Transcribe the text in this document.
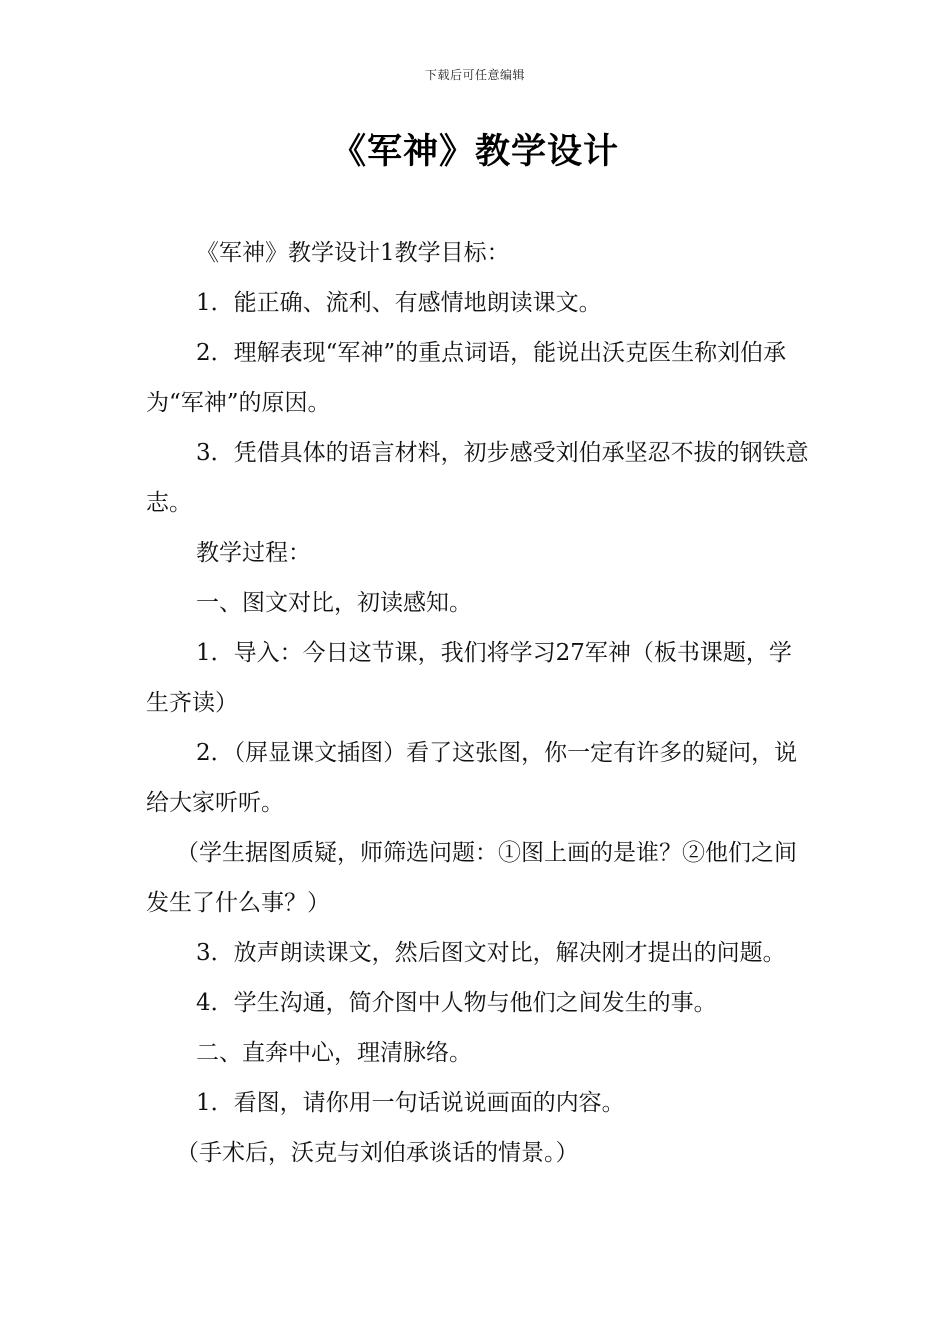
下载后可任意编辑
《军神》教学设计

《军神》教学设计1教学目标：

1．能正确、流利、有感情地朗读课文。

2．理解表现“军神”的重点词语，能说出沃克医生称刘伯承为“军神”的原因。

3．凭借具体的语言材料，初步感受刘伯承坚忍不拔的钢铁意志。

教学过程：

一、图文对比，初读感知。

1．导入：今日这节课，我们将学习27军神（板书课题，学生齐读）

2．（屏显课文插图）看了这张图，你一定有许多的疑问，说给大家听听。

（学生据图质疑，师筛选问题：①图上画的是谁？②他们之间发生了什么事？）

3．放声朗读课文，然后图文对比，解决刚才提出的问题。

4．学生沟通，简介图中人物与他们之间发生的事。

二、直奔中心，理清脉络。

1．看图，请你用一句话说说画面的内容。

（手术后，沃克与刘伯承谈话的情景。）
